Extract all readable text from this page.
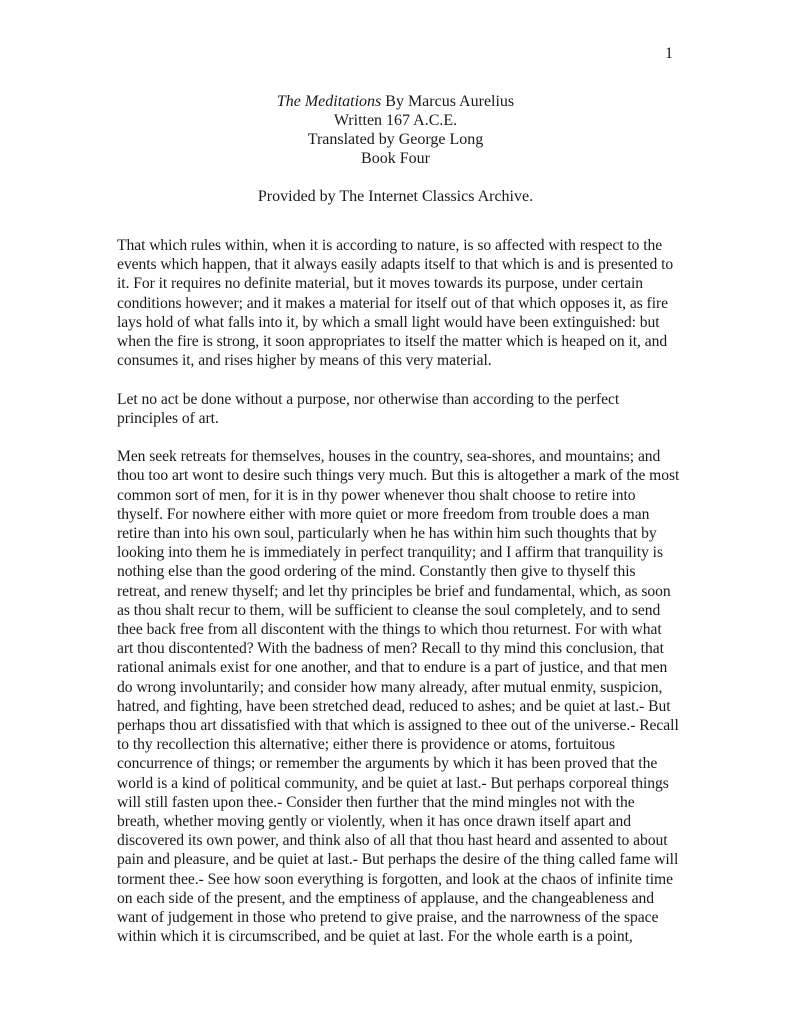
1
The Meditations By Marcus Aurelius
Written 167 A.C.E.
Translated by George Long
Book Four
Provided by The Internet Classics Archive.

That which rules within, when it is according to nature, is so affected with respect to the events which happen, that it always easily adapts itself to that which is and is presented to it. For it requires no definite material, but it moves towards its purpose, under certain conditions however; and it makes a material for itself out of that which opposes it, as fire lays hold of what falls into it, by which a small light would have been extinguished: but when the fire is strong, it soon appropriates to itself the matter which is heaped on it, and consumes it, and rises higher by means of this very material.

Let no act be done without a purpose, nor otherwise than according to the perfect principles of art.

Men seek retreats for themselves, houses in the country, sea-shores, and mountains; and thou too art wont to desire such things very much. But this is altogether a mark of the most common sort of men, for it is in thy power whenever thou shalt choose to retire into thyself. For nowhere either with more quiet or more freedom from trouble does a man retire than into his own soul, particularly when he has within him such thoughts that by looking into them he is immediately in perfect tranquility; and I affirm that tranquility is nothing else than the good ordering of the mind. Constantly then give to thyself this retreat, and renew thyself; and let thy principles be brief and fundamental, which, as soon as thou shalt recur to them, will be sufficient to cleanse the soul completely, and to send thee back free from all discontent with the things to which thou returnest. For with what art thou discontented? With the badness of men? Recall to thy mind this conclusion, that rational animals exist for one another, and that to endure is a part of justice, and that men do wrong involuntarily; and consider how many already, after mutual enmity, suspicion, hatred, and fighting, have been stretched dead, reduced to ashes; and be quiet at last.- But perhaps thou art dissatisfied with that which is assigned to thee out of the universe.- Recall to thy recollection this alternative; either there is providence or atoms, fortuitous concurrence of things; or remember the arguments by which it has been proved that the world is a kind of political community, and be quiet at last.- But perhaps corporeal things will still fasten upon thee.- Consider then further that the mind mingles not with the breath, whether moving gently or violently, when it has once drawn itself apart and discovered its own power, and think also of all that thou hast heard and assented to about pain and pleasure, and be quiet at last.- But perhaps the desire of the thing called fame will torment thee.- See how soon everything is forgotten, and look at the chaos of infinite time on each side of the present, and the emptiness of applause, and the changeableness and want of judgement in those who pretend to give praise, and the narrowness of the space within which it is circumscribed, and be quiet at last. For the whole earth is a point,
